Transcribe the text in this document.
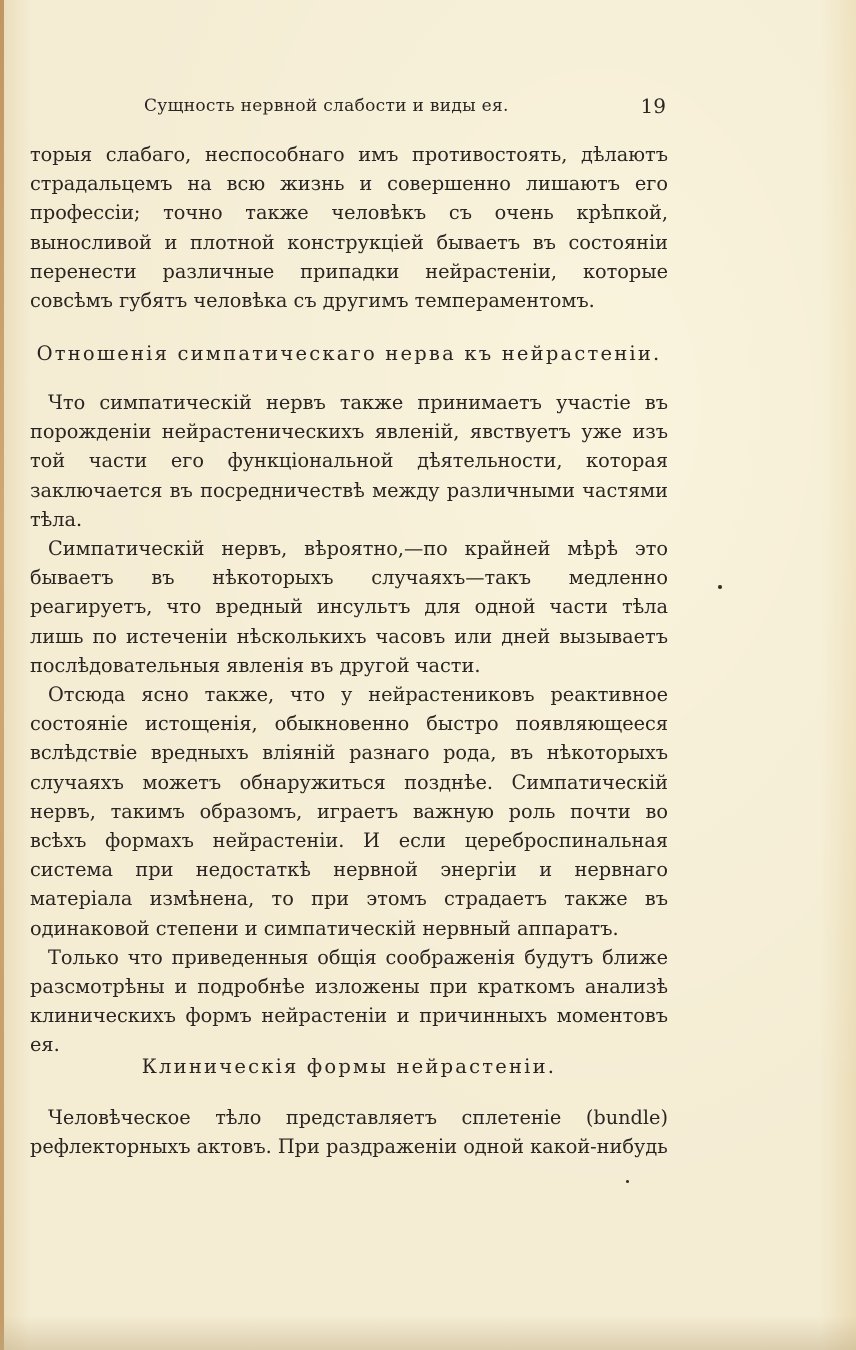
Сущность нервной слабости и виды ея.	19

торыя слабаго, неспособнаго имъ противостоять, дѣлаютъ страдальцемъ на всю жизнь и совершенно лишаютъ его профессіи; точно также человѣкъ съ очень крѣпкой, выносливой и плотной конструкціей бываетъ въ состояніи перенести различные припадки нейрастеніи, которые совсѣмъ губятъ человѣка съ другимъ темпераментомъ.

Отношенія симпатическаго нерва къ нейрастеніи.

Что симпатическій нервъ также принимаетъ участіе въ порожденіи нейрастеническихъ явленій, явствуетъ уже изъ той части его функціональной дѣятельности, которая заключается въ посредничествѣ между различными частями тѣла.

Симпатическій нервъ, вѣроятно,—по крайней мѣрѣ это бываетъ въ нѣкоторыхъ случаяхъ—такъ медленно реагируетъ, что вредный инсультъ для одной части тѣла лишь по истеченіи нѣсколькихъ часовъ или дней вызываетъ послѣдовательныя явленія въ другой части.

Отсюда ясно также, что у нейрастениковъ реактивное состояніе истощенія, обыкновенно быстро появляющееся вслѣдствіе вредныхъ вліяній разнаго рода, въ нѣкоторыхъ случаяхъ можетъ обнаружиться позднѣе. Симпатическій нервъ, такимъ образомъ, играетъ важную роль почти во всѣхъ формахъ нейрастеніи. И если цереброспинальная система при недостаткѣ нервной энергіи и нервнаго матеріала измѣнена, то при этомъ страдаетъ также въ одинаковой степени и симпатическій нервный аппаратъ.

Только что приведенныя общія соображенія будутъ ближе разсмотрѣны и подробнѣе изложены при краткомъ анализѣ клиническихъ формъ нейрастеніи и причинныхъ моментовъ ея.

Клиническія формы нейрастеніи.

Человѣческое тѣло представляетъ сплетеніе (bundle) рефлекторныхъ актовъ. При раздраженіи одной какой-нибудь
